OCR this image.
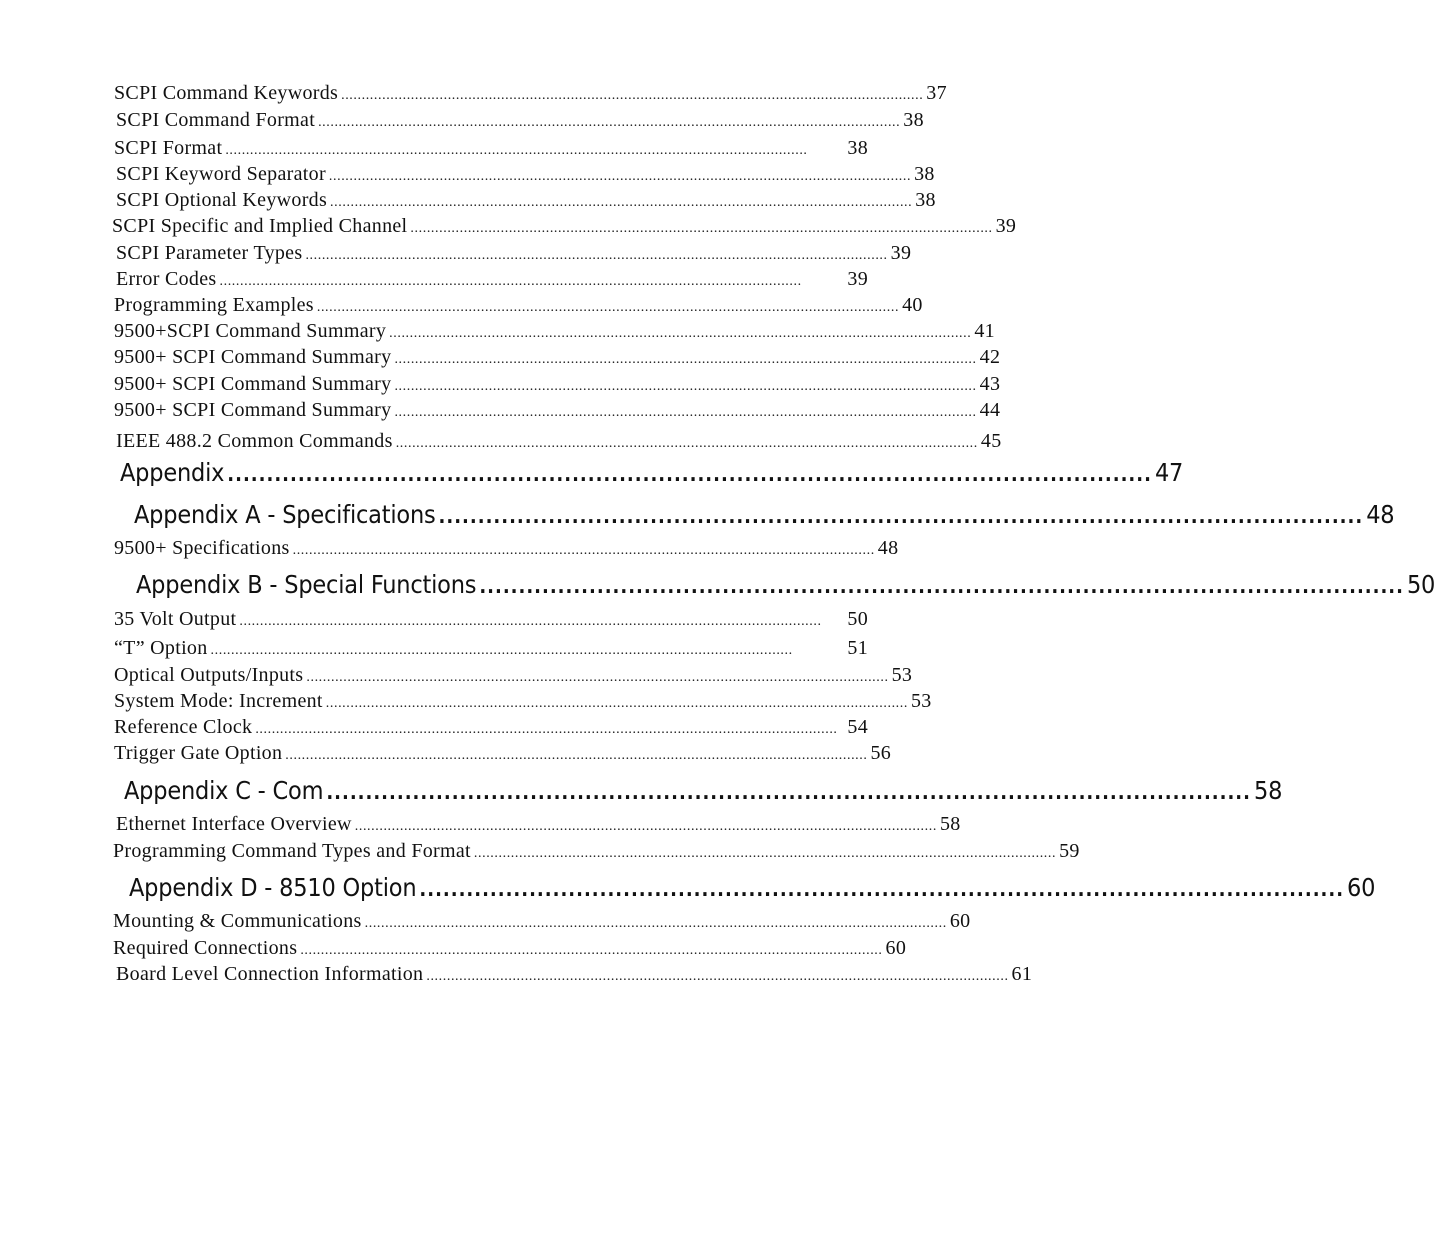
SCPI Command Keywords .............................................................................................................................................. 37
SCPI Command Format .............................................................................................................................................. 38
SCPI Format ..............................................................................................................................................	38
SCPI Keyword Separator .............................................................................................................................................. 38
SCPI Optional Keywords .............................................................................................................................................. 38
SCPI Specific and Implied Channel .............................................................................................................................................. 39
SCPI Parameter Types .............................................................................................................................................. 39
Error Codes ..............................................................................................................................................	39
Programming Examples .............................................................................................................................................. 40
9500+SCPI Command Summary .............................................................................................................................................. 41
9500+ SCPI Command Summary .............................................................................................................................................. 42
9500+ SCPI Command Summary .............................................................................................................................................. 43
9500+ SCPI Command Summary .............................................................................................................................................. 44
IEEE 488.2 Common Commands .............................................................................................................................................. 45
Appendix ...................................................................................................................... 47
Appendix A - Specifications ...................................................................................................................... 48
9500+ Specifications .............................................................................................................................................. 48
Appendix B - Special Functions ...................................................................................................................... 50
35 Volt Output ..............................................................................................................................................	50
“T” Option ..............................................................................................................................................	51
Optical Outputs/Inputs .............................................................................................................................................. 53
System Mode: Increment .............................................................................................................................................. 53
Reference Clock .............................................................................................................................................. 54
Trigger Gate Option .............................................................................................................................................. 56
Appendix C - Com ...................................................................................................................... 58
Ethernet Interface Overview .............................................................................................................................................. 58
Programming Command Types and Format .............................................................................................................................................. 59
Appendix D - 8510 Option ...................................................................................................................... 60
Mounting & Communications .............................................................................................................................................. 60
Required Connections .............................................................................................................................................. 60
Board Level Connection Information .............................................................................................................................................. 61
